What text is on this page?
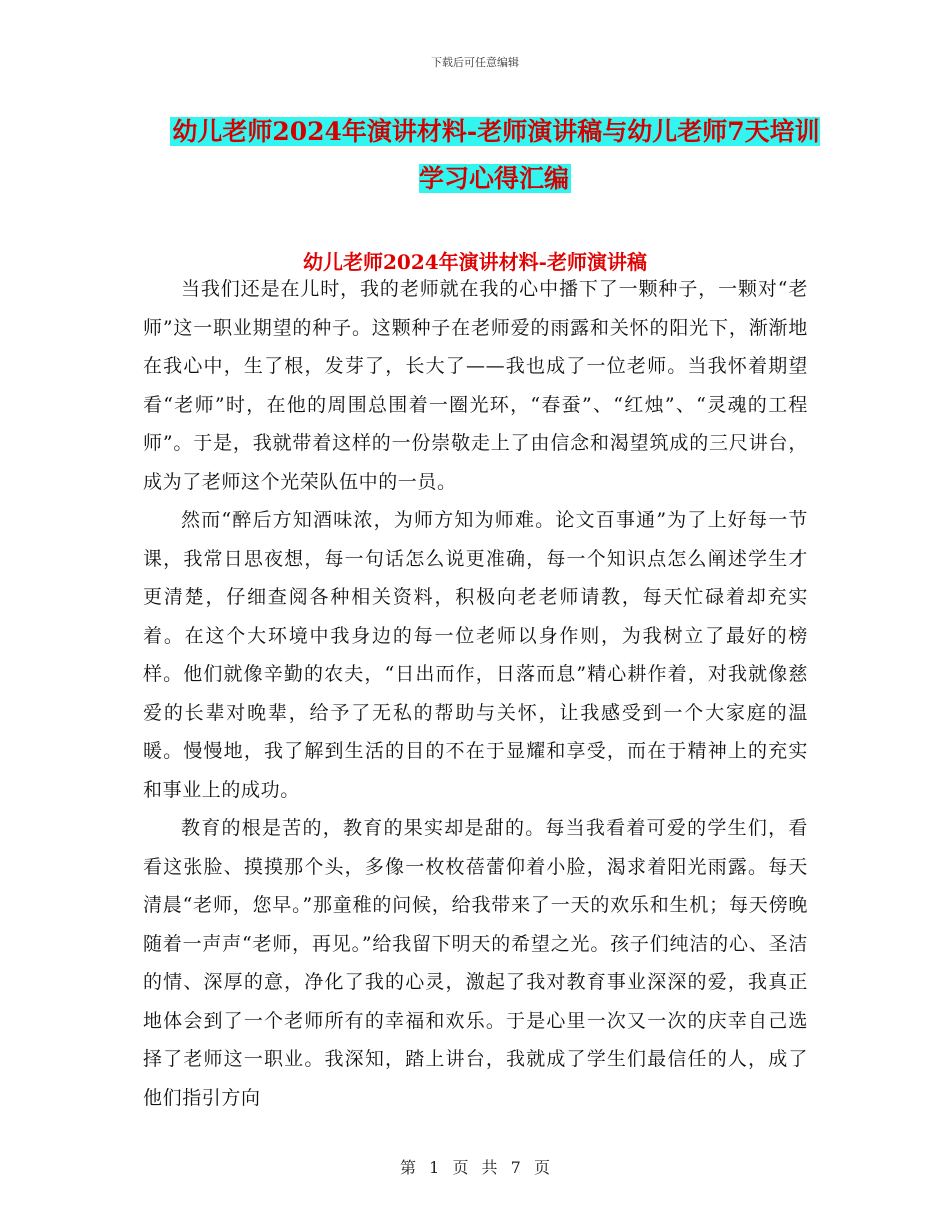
下载后可任意编辑
幼儿老师2024年演讲材料-老师演讲稿与幼儿老师7天培训学习心得汇编
幼儿老师2024年演讲材料-老师演讲稿

当我们还是在儿时，我的老师就在我的心中播下了一颗种子，一颗对“老师”这一职业期望的种子。这颗种子在老师爱的雨露和关怀的阳光下，渐渐地在我心中，生了根，发芽了，长大了——我也成了一位老师。当我怀着期望看“老师”时，在他的周围总围着一圈光环，“春蚕”、“红烛”、“灵魂的工程师”。于是，我就带着这样的一份崇敬走上了由信念和渴望筑成的三尺讲台，成为了老师这个光荣队伍中的一员。

然而“醉后方知酒味浓，为师方知为师难。论文百事通”为了上好每一节课，我常日思夜想，每一句话怎么说更准确，每一个知识点怎么阐述学生才更清楚，仔细查阅各种相关资料，积极向老老师请教，每天忙碌着却充实着。在这个大环境中我身边的每一位老师以身作则，为我树立了最好的榜样。他们就像辛勤的农夫，“日出而作，日落而息”精心耕作着，对我就像慈爱的长辈对晚辈，给予了无私的帮助与关怀，让我感受到一个大家庭的温暖。慢慢地，我了解到生活的目的不在于显耀和享受，而在于精神上的充实和事业上的成功。

教育的根是苦的，教育的果实却是甜的。每当我看着可爱的学生们，看看这张脸、摸摸那个头，多像一枚枚蓓蕾仰着小脸，渴求着阳光雨露。每天清晨“老师，您早。”那童稚的问候，给我带来了一天的欢乐和生机；每天傍晚随着一声声“老师，再见。”给我留下明天的希望之光。孩子们纯洁的心、圣洁的情、深厚的意，净化了我的心灵，激起了我对教育事业深深的爱，我真正地体会到了一个老师所有的幸福和欢乐。于是心里一次又一次的庆幸自己选择了老师这一职业。我深知，踏上讲台，我就成了学生们最信任的人，成了他们指引方向

第 1 页 共 7 页
